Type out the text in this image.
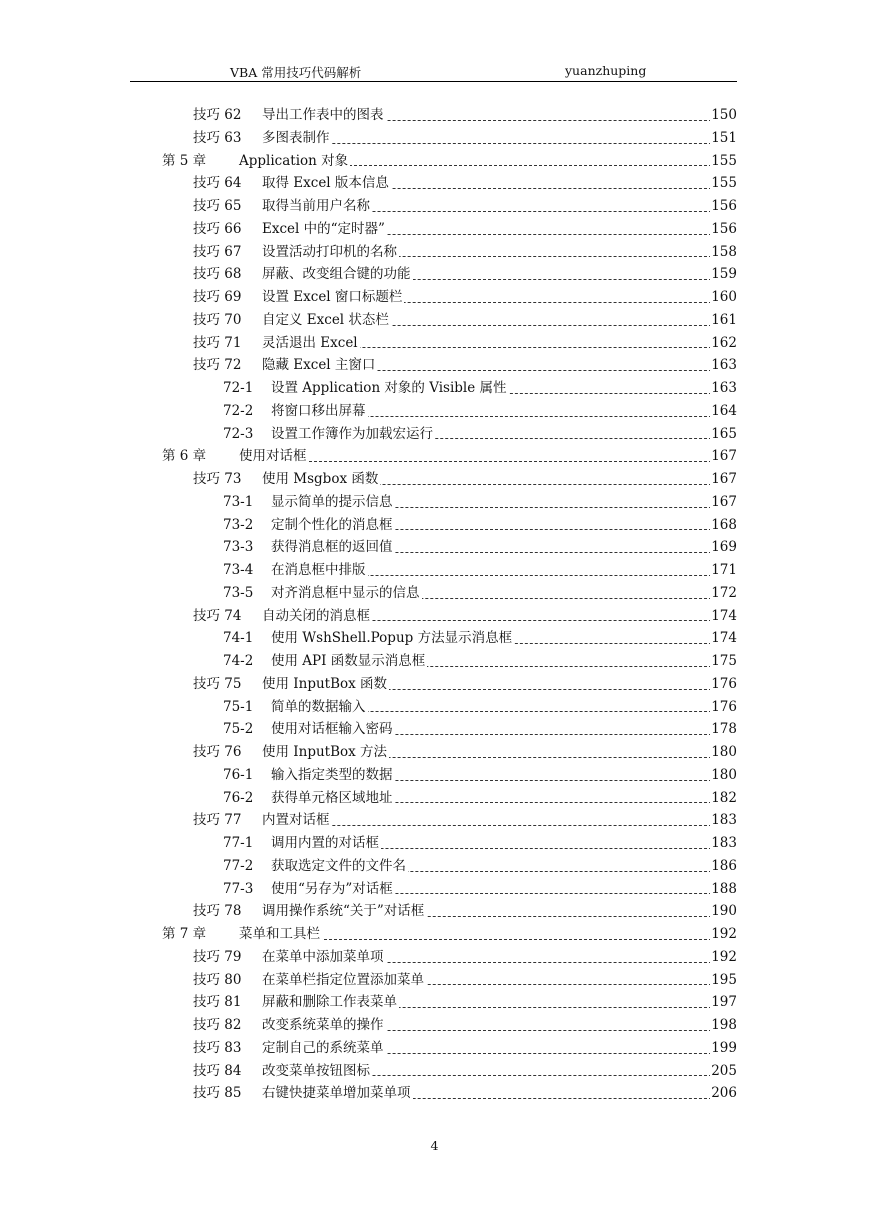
VBA 常用技巧代码解析	yuanzhuping
技巧 62 导出工作表中的图表	150
技巧 63 多图表制作	151
第 5 章 Application 对象	155
技巧 64 取得 Excel 版本信息	155
技巧 65 取得当前用户名称	156
技巧 66 Excel 中的“定时器”	156
技巧 67 设置活动打印机的名称	158
技巧 68 屏蔽、改变组合键的功能	159
技巧 69 设置 Excel 窗口标题栏	160
技巧 70 自定义 Excel 状态栏	161
技巧 71 灵活退出 Excel	162
技巧 72 隐藏 Excel 主窗口	163
72-1 设置 Application 对象的 Visible 属性	163
72-2 将窗口移出屏幕	164
72-3 设置工作簿作为加载宏运行	165
第 6 章 使用对话框	167
技巧 73 使用 Msgbox 函数	167
73-1 显示简单的提示信息	167
73-2 定制个性化的消息框	168
73-3 获得消息框的返回值	169
73-4 在消息框中排版	171
73-5 对齐消息框中显示的信息	172
技巧 74 自动关闭的消息框	174
74-1 使用 WshShell.Popup 方法显示消息框	174
74-2 使用 API 函数显示消息框	175
技巧 75 使用 InputBox 函数	176
75-1 简单的数据输入	176
75-2 使用对话框输入密码	178
技巧 76 使用 InputBox 方法	180
76-1 输入指定类型的数据	180
76-2 获得单元格区域地址	182
技巧 77 内置对话框	183
77-1 调用内置的对话框	183
77-2 获取选定文件的文件名	186
77-3 使用“另存为”对话框	188
技巧 78 调用操作系统“关于”对话框	190
第 7 章 菜单和工具栏	192
技巧 79 在菜单中添加菜单项	192
技巧 80 在菜单栏指定位置添加菜单	195
技巧 81 屏蔽和删除工作表菜单	197
技巧 82 改变系统菜单的操作	198
技巧 83 定制自己的系统菜单	199
技巧 84 改变菜单按钮图标	205
技巧 85 右键快捷菜单增加菜单项	206
4
